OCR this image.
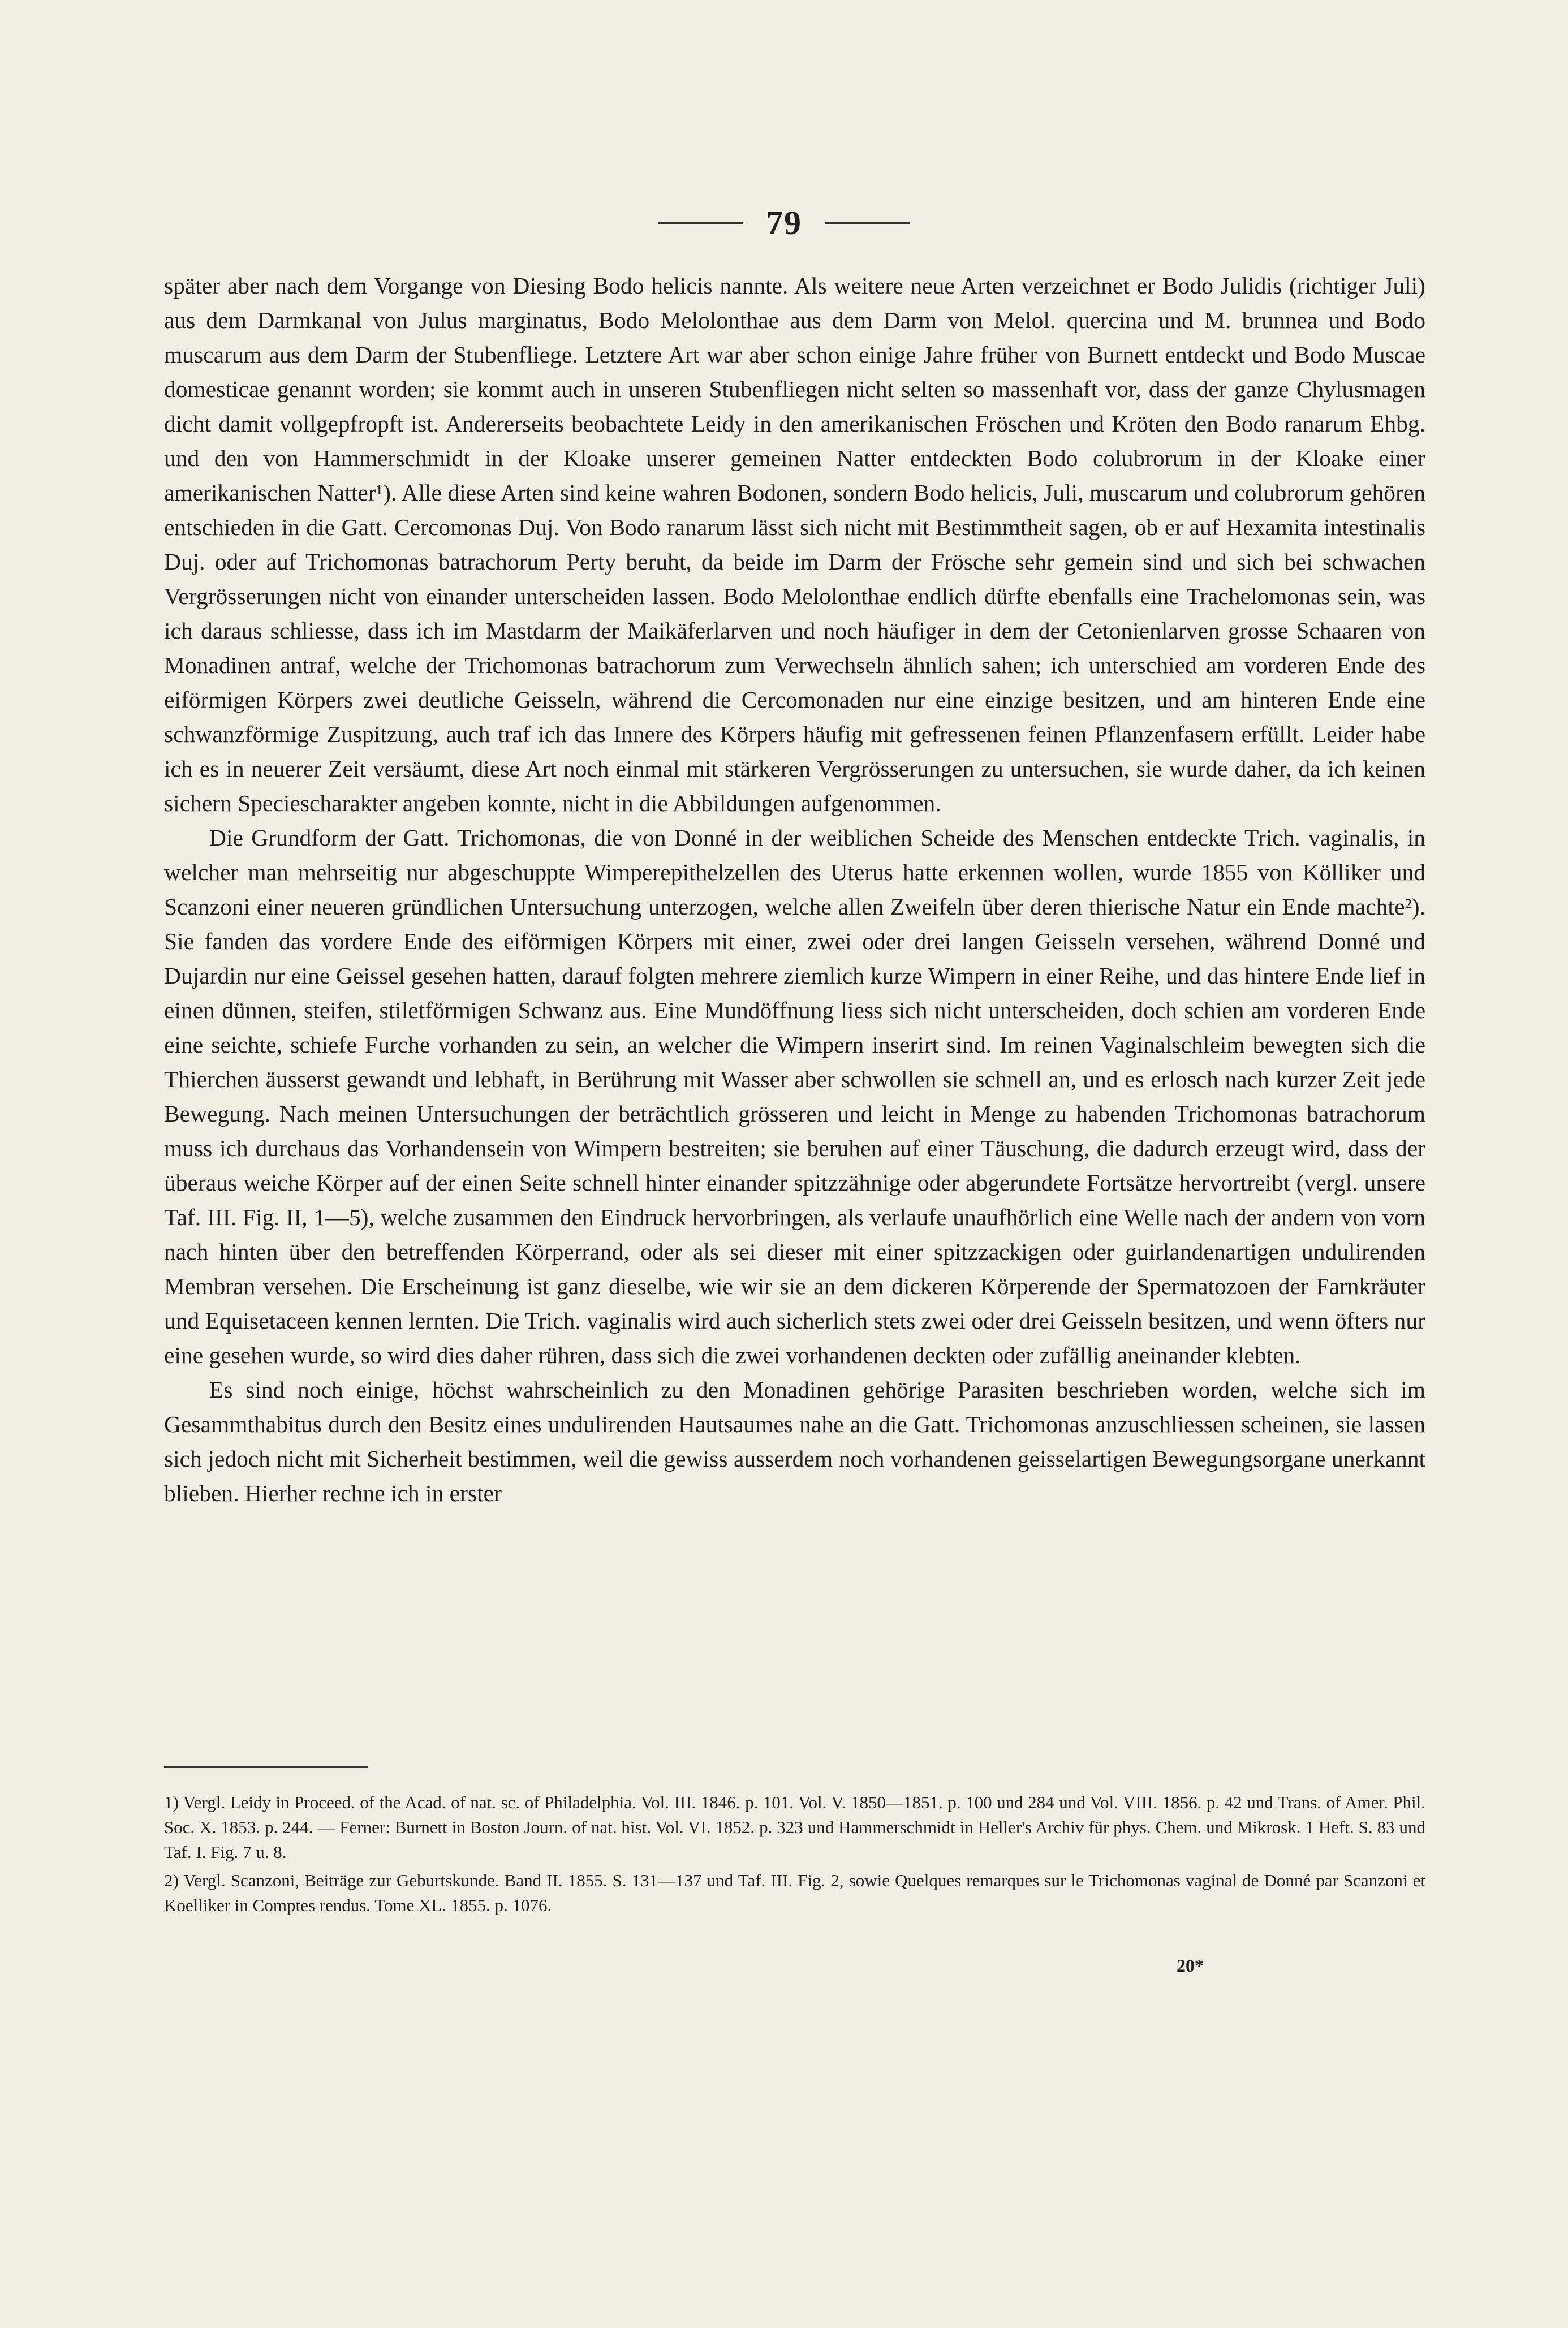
79

später aber nach dem Vorgange von Diesing Bodo helicis nannte. Als weitere neue Arten verzeichnet er Bodo Julidis (richtiger Juli) aus dem Darmkanal von Julus marginatus, Bodo Melolonthae aus dem Darm von Melol. quercina und M. brunnea und Bodo muscarum aus dem Darm der Stubenfliege. Letztere Art war aber schon einige Jahre früher von Burnett entdeckt und Bodo Muscae domesticae genannt worden; sie kommt auch in unseren Stubenfliegen nicht selten so massenhaft vor, dass der ganze Chylusmagen dicht damit vollgepfropft ist. Andererseits beobachtete Leidy in den amerikanischen Fröschen und Kröten den Bodo ranarum Ehbg. und den von Hammerschmidt in der Kloake unserer gemeinen Natter entdeckten Bodo colubrorum in der Kloake einer amerikanischen Natter¹). Alle diese Arten sind keine wahren Bodonen, sondern Bodo helicis, Juli, muscarum und colubrorum gehören entschieden in die Gatt. Cercomonas Duj. Von Bodo ranarum lässt sich nicht mit Bestimmtheit sagen, ob er auf Hexamita intestinalis Duj. oder auf Trichomonas batrachorum Perty beruht, da beide im Darm der Frösche sehr gemein sind und sich bei schwachen Vergrösserungen nicht von einander unterscheiden lassen. Bodo Melolonthae endlich dürfte ebenfalls eine Trachelomonas sein, was ich daraus schliesse, dass ich im Mastdarm der Maikäferlarven und noch häufiger in dem der Cetonienlarven grosse Schaaren von Monadinen antraf, welche der Trichomonas batrachorum zum Verwechseln ähnlich sahen; ich unterschied am vorderen Ende des eiförmigen Körpers zwei deutliche Geisseln, während die Cercomonaden nur eine einzige besitzen, und am hinteren Ende eine schwanzförmige Zuspitzung, auch traf ich das Innere des Körpers häufig mit gefressenen feinen Pflanzenfasern erfüllt. Leider habe ich es in neuerer Zeit versäumt, diese Art noch einmal mit stärkeren Vergrösserungen zu untersuchen, sie wurde daher, da ich keinen sichern Speciescharakter angeben konnte, nicht in die Abbildungen aufgenommen.

Die Grundform der Gatt. Trichomonas, die von Donné in der weiblichen Scheide des Menschen entdeckte Trich. vaginalis, in welcher man mehrseitig nur abgeschuppte Wimperepithelzellen des Uterus hatte erkennen wollen, wurde 1855 von Kölliker und Scanzoni einer neueren gründlichen Untersuchung unterzogen, welche allen Zweifeln über deren thierische Natur ein Ende machte²). Sie fanden das vordere Ende des eiförmigen Körpers mit einer, zwei oder drei langen Geisseln versehen, während Donné und Dujardin nur eine Geissel gesehen hatten, darauf folgten mehrere ziemlich kurze Wimpern in einer Reihe, und das hintere Ende lief in einen dünnen, steifen, stiletförmigen Schwanz aus. Eine Mundöffnung liess sich nicht unterscheiden, doch schien am vorderen Ende eine seichte, schiefe Furche vorhanden zu sein, an welcher die Wimpern inserirt sind. Im reinen Vaginalschleim bewegten sich die Thierchen äusserst gewandt und lebhaft, in Berührung mit Wasser aber schwollen sie schnell an, und es erlosch nach kurzer Zeit jede Bewegung. Nach meinen Untersuchungen der beträchtlich grösseren und leicht in Menge zu habenden Trichomonas batrachorum muss ich durchaus das Vorhandensein von Wimpern bestreiten; sie beruhen auf einer Täuschung, die dadurch erzeugt wird, dass der überaus weiche Körper auf der einen Seite schnell hinter einander spitzzähnige oder abgerundete Fortsätze hervortreibt (vergl. unsere Taf. III. Fig. II, 1—5), welche zusammen den Eindruck hervorbringen, als verlaufe unaufhörlich eine Welle nach der andern von vorn nach hinten über den betreffenden Körperrand, oder als sei dieser mit einer spitzzackigen oder guirlandenartigen undulirenden Membran versehen. Die Erscheinung ist ganz dieselbe, wie wir sie an dem dickeren Körperende der Spermatozoen der Farnkräuter und Equisetaceen kennen lernten. Die Trich. vaginalis wird auch sicherlich stets zwei oder drei Geisseln besitzen, und wenn öfters nur eine gesehen wurde, so wird dies daher rühren, dass sich die zwei vorhandenen deckten oder zufällig aneinander klebten.

Es sind noch einige, höchst wahrscheinlich zu den Monadinen gehörige Parasiten beschrieben worden, welche sich im Gesammthabitus durch den Besitz eines undulirenden Hautsaumes nahe an die Gatt. Trichomonas anzuschliessen scheinen, sie lassen sich jedoch nicht mit Sicherheit bestimmen, weil die gewiss ausserdem noch vorhandenen geisselartigen Bewegungsorgane unerkannt blieben. Hierher rechne ich in erster

1) Vergl. Leidy in Proceed. of the Acad. of nat. sc. of Philadelphia. Vol. III. 1846. p. 101. Vol. V. 1850—1851. p. 100 und 284 und Vol. VIII. 1856. p. 42 und Trans. of Amer. Phil. Soc. X. 1853. p. 244. — Ferner: Burnett in Boston Journ. of nat. hist. Vol. VI. 1852. p. 323 und Hammerschmidt in Heller's Archiv für phys. Chem. und Mikrosk. 1 Heft. S. 83 und Taf. I. Fig. 7 u. 8.

2) Vergl. Scanzoni, Beiträge zur Geburtskunde. Band II. 1855. S. 131—137 und Taf. III. Fig. 2, sowie Quelques remarques sur le Trichomonas vaginal de Donné par Scanzoni et Koelliker in Comptes rendus. Tome XL. 1855. p. 1076.

20*
